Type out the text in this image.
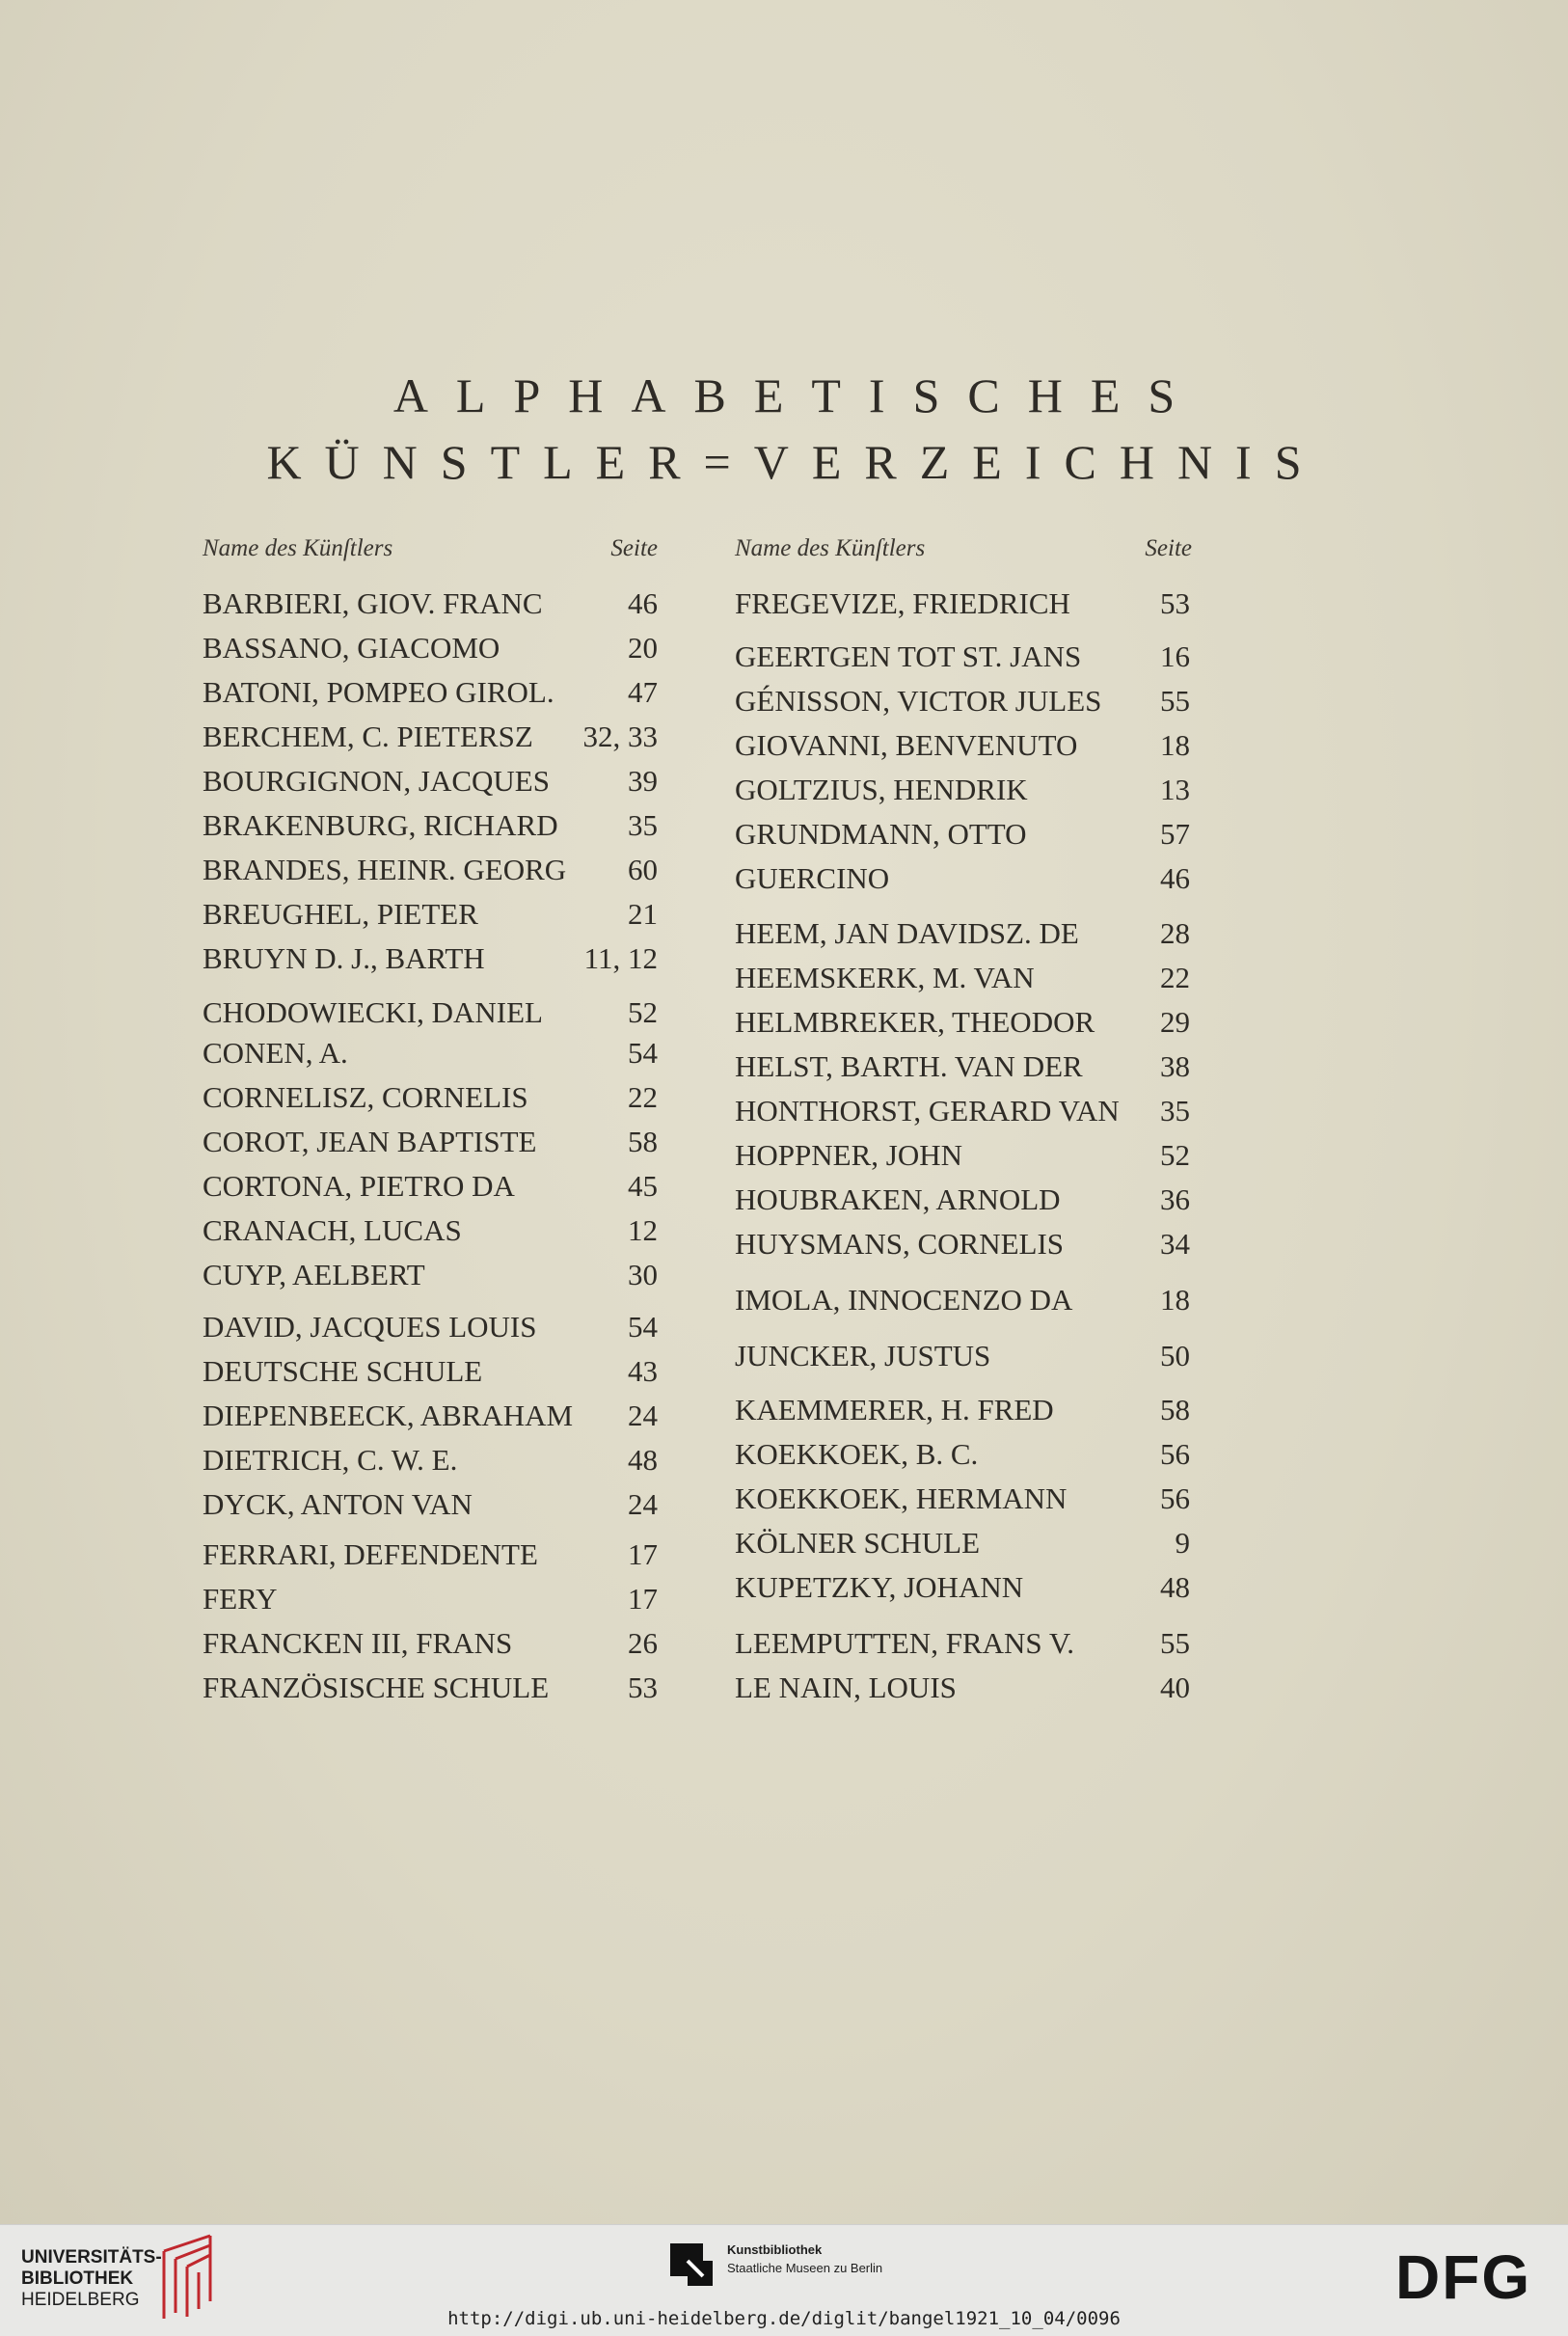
ALPHABETISCHES
KÜNSTLER=VERZEICHNIS
Name des Künſtlers	Seite	Name des Künſtlers	Seite
BARBIERI, GIOV. FRANC	46
BASSANO, GIACOMO	20
BATONI, POMPEO GIROL. 47
BERCHEM, C. PIETERSZ 32, 33
BOURGIGNON, JACQUES	39
BRAKENBURG, RICHARD 35
BRANDES, HEINR. GEORG 60
BREUGHEL, PIETER	21
BRUYN D. J., BARTH	11, 12
CHODOWIECKI, DANIEL	52
CONEN, A.	54
CORNELISZ, CORNELIS	22
COROT, JEAN BAPTISTE	58
CORTONA, PIETRO DA	45
CRANACH, LUCAS	12
CUYP, AELBERT	30
DAVID, JACQUES LOUIS	54
DEUTSCHE SCHULE	43
DIEPENBEECK, ABRAHAM 24
DIETRICH, C. W. E.	48
DYCK, ANTON VAN	24
FERRARI, DEFENDENTE	17
FERY	17
FRANCKEN III, FRANS	26
FRANZÖSISCHE SCHULE	53
FREGEVIZE, FRIEDRICH	53
GEERTGEN TOT ST. JANS	16
GÉNISSON, VICTOR JULES 55
GIOVANNI, BENVENUTO	18
GOLTZIUS, HENDRIK	13
GRUNDMANN, OTTO	57
GUERCINO	46
HEEM, JAN DAVIDSZ. DE	28
HEEMSKERK, M. VAN	22
HELMBREKER, THEODOR 29
HELST, BARTH. VAN DER	38
HONTHORST, GERARD VAN 35
HOPPNER, JOHN	52
HOUBRAKEN, ARNOLD	36
HUYSMANS, CORNELIS	34
IMOLA, INNOCENZO DA	18
JUNCKER, JUSTUS	50
KAEMMERER, H. FRED	58
KOEKKOEK, B. C.	56
KOEKKOEK, HERMANN	56
KÖLNER SCHULE	9
KUPETZKY, JOHANN	48
LEEMPUTTEN, FRANS V.	55
LE NAIN, LOUIS	40
UNIVERSITÄTS-
BIBLIOTHEK
HEIDELBERG
Kunstbibliothek
Staatliche Museen zu Berlin	DFG
http://digi.ub.uni-heidelberg.de/diglit/bangel1921_10_04/0096
